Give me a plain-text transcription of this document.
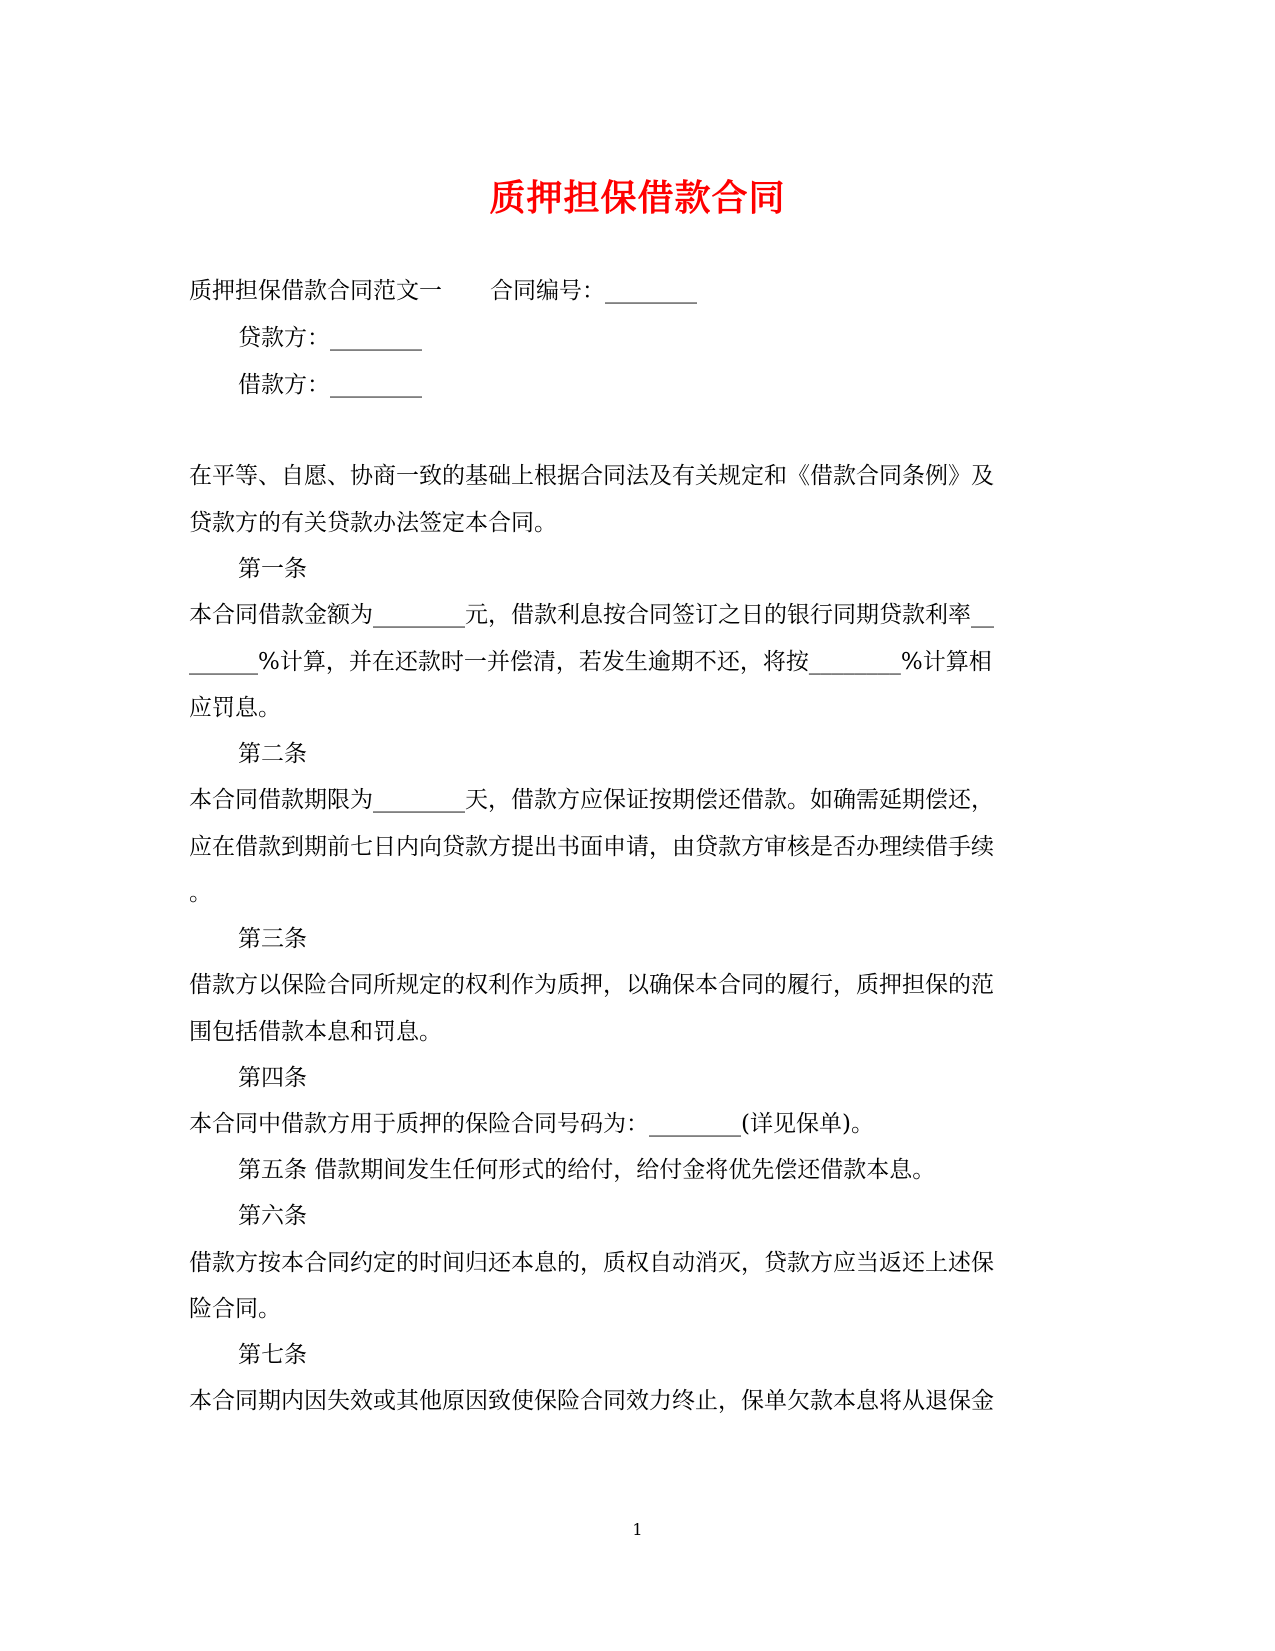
质押担保借款合同
质押担保借款合同范文一 合同编号：________
贷款方：________
借款方：________
在平等、自愿、协商一致的基础上根据合同法及有关规定和《借款合同条例》及
贷款方的有关贷款办法签定本合同。
第一条
本合同借款金额为________元，借款利息按合同签订之日的银行同期贷款利率__
______%计算，并在还款时一并偿清，若发生逾期不还，将按________%计算相
应罚息。
第二条
本合同借款期限为________天，借款方应保证按期偿还借款。如确需延期偿还，
应在借款到期前七日内向贷款方提出书面申请，由贷款方审核是否办理续借手续
。
第三条
借款方以保险合同所规定的权利作为质押，以确保本合同的履行，质押担保的范
围包括借款本息和罚息。
第四条
本合同中借款方用于质押的保险合同号码为：________(详见保单)。
第五条 借款期间发生任何形式的给付，给付金将优先偿还借款本息。
第六条
借款方按本合同约定的时间归还本息的，质权自动消灭，贷款方应当返还上述保
险合同。
第七条
本合同期内因失效或其他原因致使保险合同效力终止，保单欠款本息将从退保金
1
